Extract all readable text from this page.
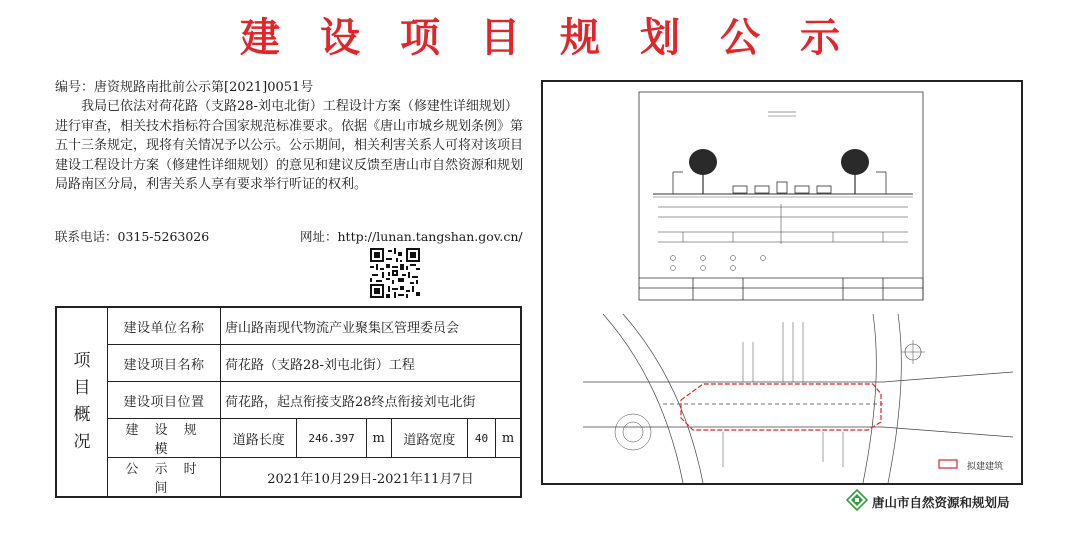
建设项目规划公示
编号：唐资规路南批前公示第[2021]0051号

我局已依法对荷花路（支路28-刘屯北街）工程设计方案（修建性详细规划）进行审查，相关技术指标符合国家规范标准要求。依据《唐山市城乡规划条例》第五十三条规定，现将有关情况予以公示。公示期间，相关利害关系人可将对该项目建设工程设计方案（修建性详细规划）的意见和建议反馈至唐山市自然资源和规划局路南区分局，利害关系人享有要求举行听证的权利。

联系电话：0315-5263026	网址：http://lunan.tangshan.gov.cn/
项
目
概
况	建设单位名称	唐山路南现代物流产业聚集区管理委员会					
	建设项目名称	荷花路（支路28-刘屯北街）工程					
	建设项目位置	荷花路，起点衔接支路28终点衔接刘屯北街					
	建 设 规 模	道路长度	246.397	m	道路宽度	40	m
	公 示 时 间	2021年10月29日-2021年11月7日					
拟建建筑
唐山市自然资源和规划局
